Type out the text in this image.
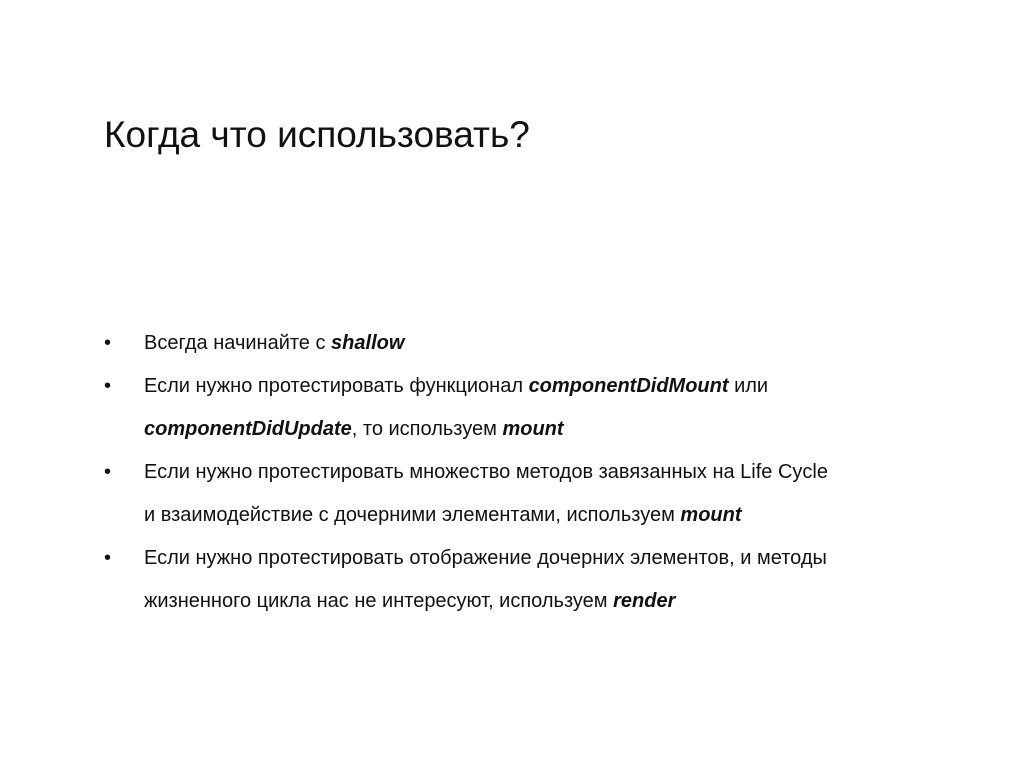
Когда что использовать?
•	Всегда начинайте с shallow
•	Если нужно протестировать функционал componentDidMount или
componentDidUpdate, то используем mount
•	Если нужно протестировать множество методов завязанных на Life Cycle
и взаимодействие с дочерними элементами, используем mount
•	Если нужно протестировать отображение дочерних элементов, и методы
жизненного цикла нас не интересуют, используем render
